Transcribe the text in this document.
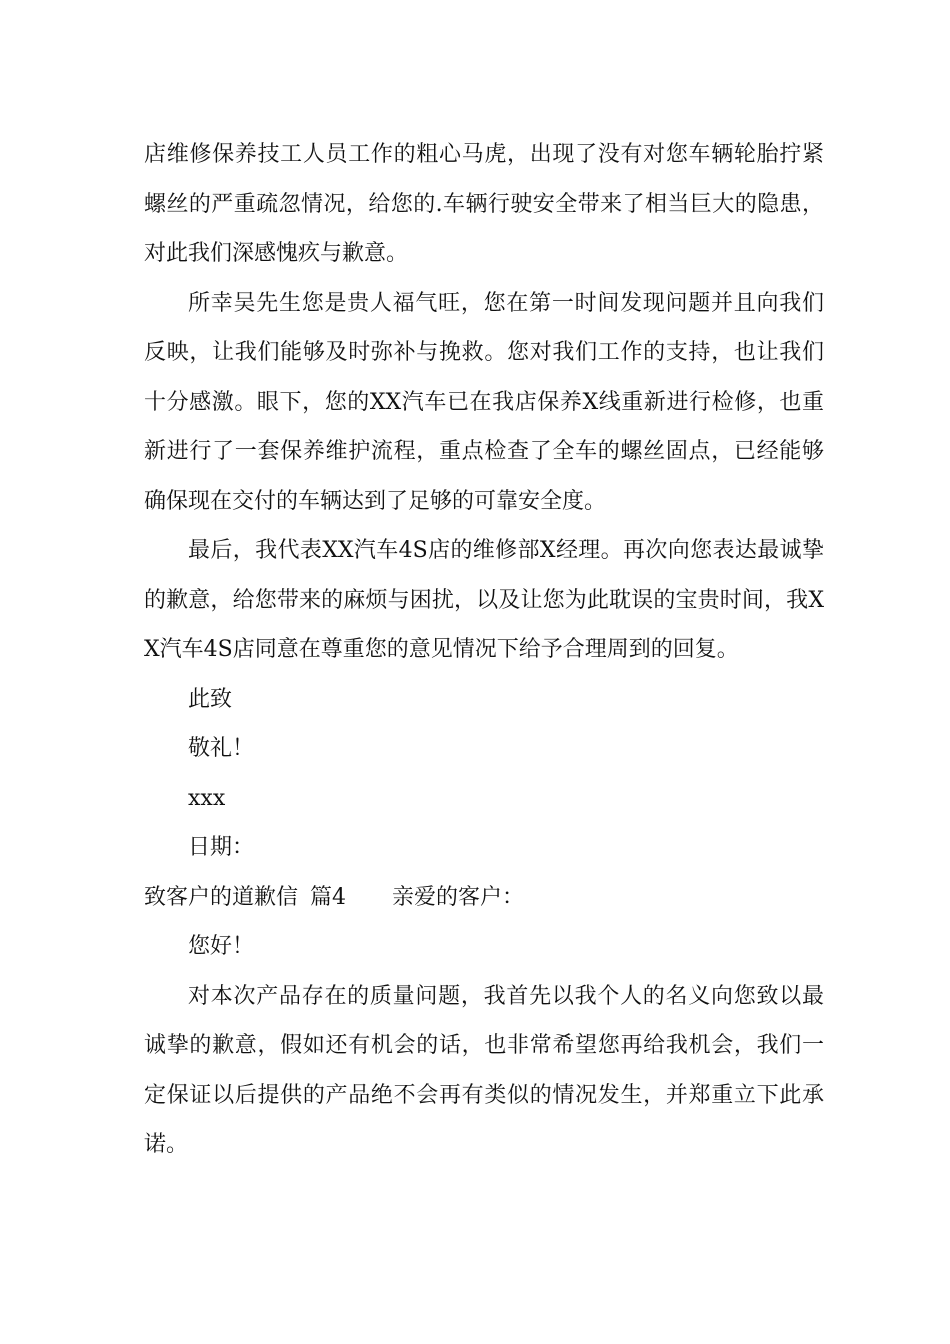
店维修保养技工人员工作的粗心马虎，出现了没有对您车辆轮胎拧紧螺丝的严重疏忽情况，给您的.车辆行驶安全带来了相当巨大的隐患，对此我们深感愧疚与歉意。

所幸吴先生您是贵人福气旺，您在第一时间发现问题并且向我们反映，让我们能够及时弥补与挽救。您对我们工作的支持，也让我们十分感激。眼下，您的XX汽车已在我店保养X线重新进行检修，也重新进行了一套保养维护流程，重点检查了全车的螺丝固点，已经能够确保现在交付的车辆达到了足够的可靠安全度。

最后，我代表XX汽车4S店的维修部X经理。再次向您表达最诚挚的歉意，给您带来的麻烦与困扰，以及让您为此耽误的宝贵时间，我XX汽车4S店同意在尊重您的意见情况下给予合理周到的回复。

此致

敬礼！

xxx

日期：

致客户的道歉信 篇4 亲爱的客户：

您好！

对本次产品存在的质量问题，我首先以我个人的名义向您致以最诚挚的歉意，假如还有机会的话，也非常希望您再给我机会，我们一定保证以后提供的产品绝不会再有类似的情况发生，并郑重立下此承诺。
